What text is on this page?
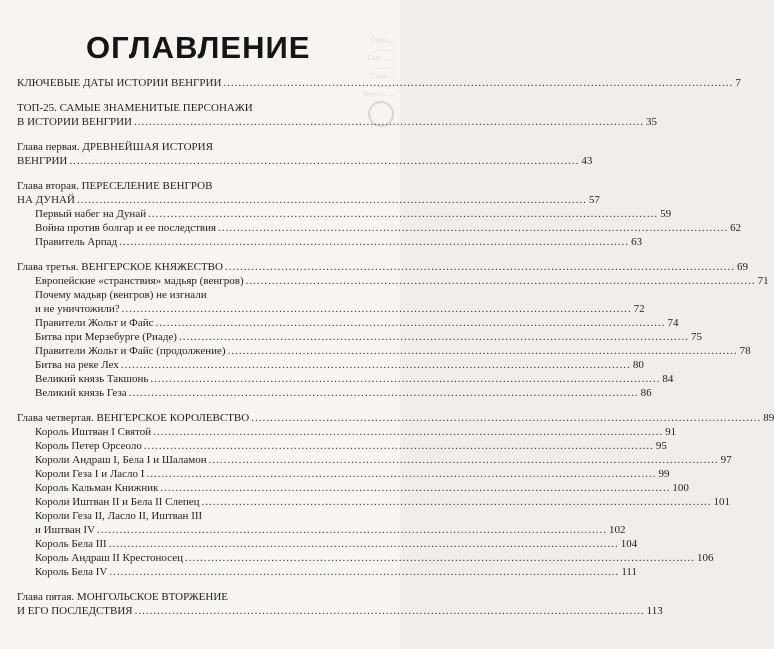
Глава ...
..........
Свят ......
..........
Глава ...
..........
Король ....
ОГЛАВЛЕНИЕ
КЛЮЧЕВЫЕ ДАТЫ ИСТОРИИ ВЕНГРИИ .....	7
ТОП-25. САМЫЕ ЗНАМЕНИТЫЕ ПЕРСОНАЖИ
В ИСТОРИИ ВЕНГРИИ .....	35
Глава первая. ДРЕВНЕЙШАЯ ИСТОРИЯ
ВЕНГРИИ .....	43
Глава вторая. ПЕРЕСЕЛЕНИЕ ВЕНГРОВ
НА ДУНАЙ .....	57
Первый набег на Дунай .....	59
Война против болгар и ее последствия .....	62
Правитель Арпад .....	63
Глава третья. ВЕНГЕРСКОЕ КНЯЖЕСТВО .....	69
Европейские «странствия» мадьяр (венгров) .....	71
Почему мадьяр (венгров) не изгнали
и не уничтожили? .....	72
Правители Жольт и Файс .....	74
Битва при Мерзебурге (Риаде) .....	75
Правители Жольт и Файс (продолжение) .....	78
Битва на реке Лех .....	80
Великий князь Такшонь .....	84
Великий князь Геза .....	86
Глава четвертая. ВЕНГЕРСКОЕ КОРОЛЕВСТВО .....	89
Король Иштван I Святой .....	91
Король Петер Орсеоло .....	95
Короли Андраш I, Бела I и Шаламон .....	97
Короли Геза I и Ласло I .....	99
Король Кальман Книжник .....	100
Короли Иштван II и Бела II Слепец .....	101
Короли Геза II, Ласло II, Иштван III
и Иштван IV .....	102
Король Бела III .....	104
Король Андраш II Крестоносец .....	106
Король Бела IV .....	111
Глава пятая. МОНГОЛЬСКОЕ ВТОРЖЕНИЕ
И ЕГО ПОСЛЕДСТВИЯ .....	113
